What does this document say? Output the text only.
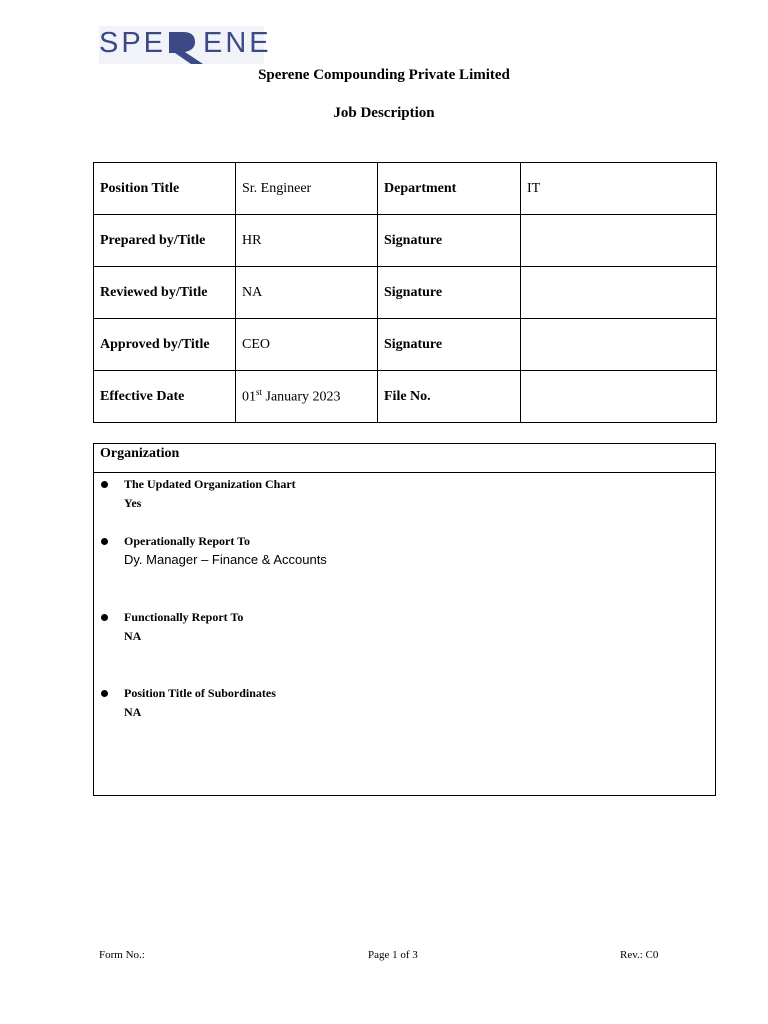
SPE ENE
Sperene Compounding Private Limited
Job Description
Position Title	Sr. Engineer	Department	IT
Prepared by/Title	HR	Signature	
Reviewed by/Title	NA	Signature	
Approved by/Title	CEO	Signature	
Effective Date	01st January 2023	File No.	
Organization
The Updated Organization Chart
Yes
Operationally Report To
Dy. Manager – Finance & Accounts
Functionally Report To
NA
Position Title of Subordinates
NA
Form No.:	Page 1 of 3	Rev.: C0
